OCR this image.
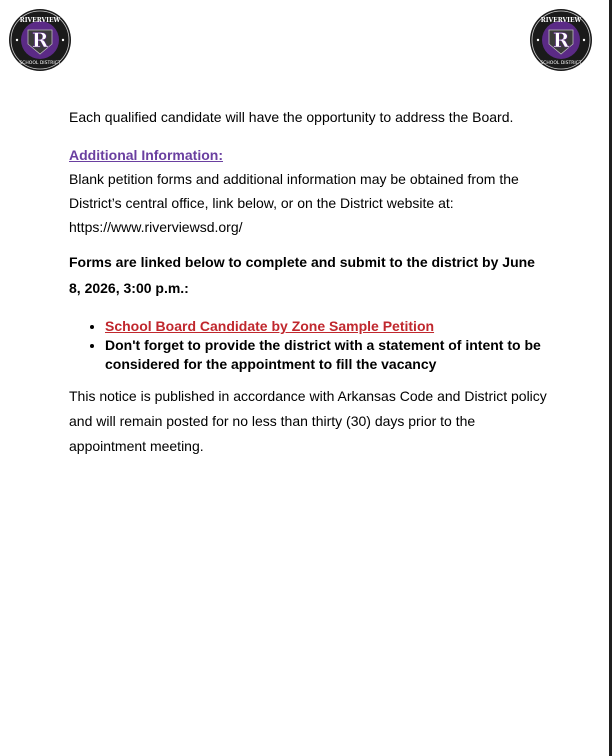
R
RIVERVIEW
SCHOOL DISTRICT
R
RIVERVIEW
SCHOOL DISTRICT

Each qualified candidate will have the opportunity to address the Board.

Additional Information:

Blank petition forms and additional information may be obtained from the District’s central office, link below, or on the District website at: https://www.riverviewsd.org/

Forms are linked below to complete and submit to the district by June 8, 2026, 3:00 p.m.:

• School Board Candidate by Zone Sample Petition
• Don't forget to provide the district with a statement of intent to be considered for the appointment to fill the vacancy

This notice is published in accordance with Arkansas Code and District policy and will remain posted for no less than thirty (30) days prior to the appointment meeting.
